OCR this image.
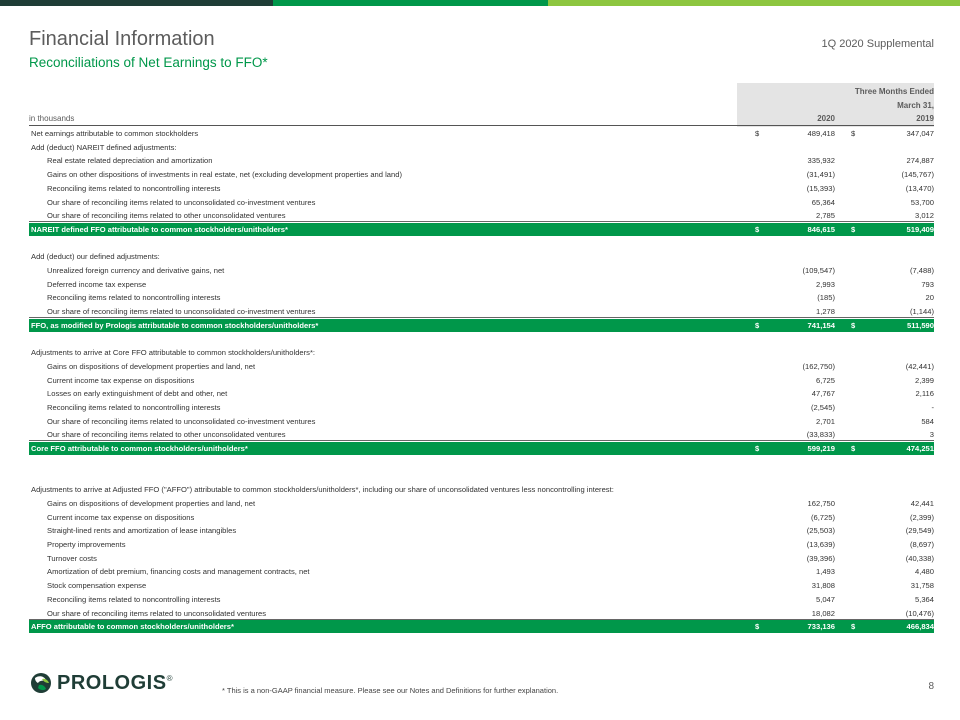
Financial Information
Reconciliations of Net Earnings to FFO*
1Q 2020 Supplemental
Three Months Ended
March 31,
in thousands	2020	2019
Net earnings attributable to common stockholders	$	489,418 $	347,047
Add (deduct) NAREIT defined adjustments:
Real estate related depreciation and amortization	335,932	274,887
Gains on other dispositions of investments in real estate, net (excluding development properties and land)	(31,491)	(145,767)
Reconciling items related to noncontrolling interests	(15,393)	(13,470)
Our share of reconciling items related to unconsolidated co-investment ventures	65,364	53,700
Our share of reconciling items related to other unconsolidated ventures	2,785	3,012
NAREIT defined FFO attributable to common stockholders/unitholders*	$	846,615 $	519,409
Add (deduct) our defined adjustments:
Unrealized foreign currency and derivative gains, net	(109,547)	(7,488)
Deferred income tax expense	2,993	793
Reconciling items related to noncontrolling interests	(185)	20
Our share of reconciling items related to unconsolidated co-investment ventures	1,278	(1,144)
FFO, as modified by Prologis attributable to common stockholders/unitholders*	$	741,154 $	511,590
Adjustments to arrive at Core FFO attributable to common stockholders/unitholders*:
Gains on dispositions of development properties and land, net	(162,750)	(42,441)
Current income tax expense on dispositions	6,725	2,399
Losses on early extinguishment of debt and other, net	47,767	2,116
Reconciling items related to noncontrolling interests	(2,545)	-
Our share of reconciling items related to unconsolidated co-investment ventures	2,701	584
Our share of reconciling items related to other unconsolidated ventures	(33,833)	3
Core FFO attributable to common stockholders/unitholders*	$	599,219 $	474,251
Adjustments to arrive at Adjusted FFO ("AFFO") attributable to common stockholders/unitholders*, including our share of unconsolidated ventures less noncontrolling interest:
Gains on dispositions of development properties and land, net	162,750	42,441
Current income tax expense on dispositions	(6,725)	(2,399)
Straight-lined rents and amortization of lease intangibles	(25,503)	(29,549)
Property improvements	(13,639)	(8,697)
Turnover costs	(39,396)	(40,338)
Amortization of debt premium, financing costs and management contracts, net	1,493	4,480
Stock compensation expense	31,808	31,758
Reconciling items related to noncontrolling interests	5,047	5,364
Our share of reconciling items related to unconsolidated ventures	18,082	(10,476)
AFFO attributable to common stockholders/unitholders*	$	733,136 $	466,834
PROLOGIS ®
* This is a non-GAAP financial measure. Please see our Notes and Definitions for further explanation.	8
